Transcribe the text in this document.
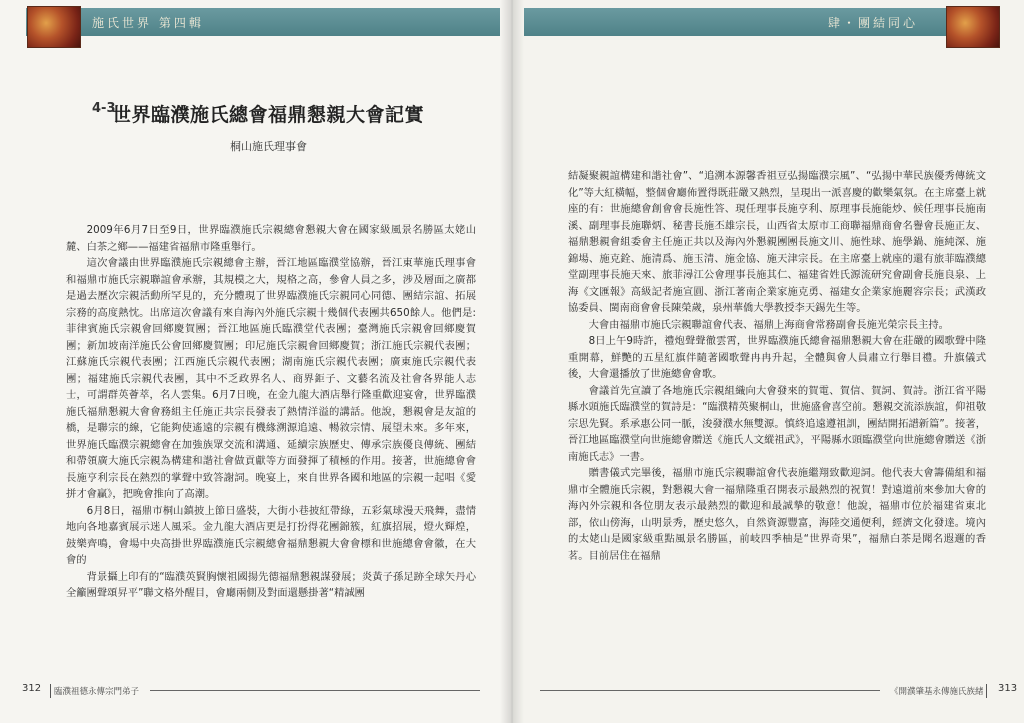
施氏世界 第四輯
4-3
世界臨濮施氏總會福鼎懇親大會記實
桐山施氏理事會

2009年6月7日至9日，世界臨濮施氏宗親總會懇親大會在國家級風景名勝區太姥山麓、白茶之鄉——福建省福鼎市隆重舉行。

這次會議由世界臨濮施氏宗親總會主辦，晉江地區臨濮堂協辦，晉江東華施氏理事會和福鼎市施氏宗親聯誼會承辦，其規模之大，規格之高，參會人員之多，涉及層面之廣都是過去歷次宗親活動所罕見的，充分體現了世界臨濮施氏宗親同心同德、團結宗誼、拓展宗務的高度熱忱。出席這次會議有來自海內外施氏宗親十幾個代表團共650餘人。他們是:菲律賓施氏宗親會回鄉慶賀團；晉江地區施氏臨濮堂代表團；臺灣施氏宗親會回鄉慶賀團；新加坡南洋施氏公會回鄉慶賀團；印尼施氏宗親會回鄉慶賀；浙江施氏宗親代表團；江蘇施氏宗親代表團；江西施氏宗親代表團；湖南施氏宗親代表團；廣東施氏宗親代表團；福建施氏宗親代表團，其中不乏政界名人、商界鉅子、文藝名流及社會各界能人志士，可謂群英薈萃，名人雲集。6月7日晚，在金九龍大酒店舉行隆重歡迎宴會，世界臨濮施氏福鼎懇親大會會務組主任施正共宗長發表了熱情洋溢的講話。他說，懇親會是友誼的橋，是聯宗的線，它能夠使遙遠的宗親有機緣溯源追遠、暢敘宗情、展望未來。多年來，世界施氏臨濮宗親總會在加強族眾交流和溝通、延續宗族歷史、傳承宗族優良傳統、團結和帶領廣大施氏宗親為構建和諧社會做貢獻等方面發揮了積極的作用。接著，世施總會會長施亨利宗長在熱烈的掌聲中致答謝詞。晚宴上，來自世界各國和地區的宗親一起唱《愛拼才會贏》，把晚會推向了高潮。

6月8日，福鼎市桐山鎮披上節日盛裝，大街小巷披紅帶綠，五彩氣球漫天飛舞，盡情地向各地嘉賓展示迷人風采。金九龍大酒店更是打扮得花團錦簇，紅旗招展，燈火輝煌，鼓樂齊鳴，會場中央高掛世界臨濮施氏宗親總會福鼎懇親大會會標和世施總會會徽，在大會的

背景攝上印有的“臨濮英賢胸懷祖國揚先德福鼎懇親謀發展；炎黃子孫足跡全球矢丹心全籲團聲頌昇平”聯文格外醒目，會廳兩側及對面還懸掛著“精誠團

312 臨濮祖德永傳宗門弟子
肆・團結同心

結凝聚親誼構建和諧社會”、“追溯本源馨香祖豆弘揚臨濮宗風”、“弘揚中華民族優秀傳統文化”等大紅橫幅，整個會廳佈置得既莊嚴又熱烈，呈現出一派喜慶的歡樂氣氛。在主席臺上就座的有：世施總會創會會長施性答、現任理事長施亨利、原理事長施能炒、候任理事長施南溪、副理事長施聯炳、秘書長施丕雄宗長，山西省太原市工商聯福鼎商會名譽會長施正友、福鼎懇親會組委會主任施正共以及海內外懇親團團長施文川、施性球、施學鍋、施純深、施錦場、施克銓、施清爲、施玉清、施金協、施天津宗長。在主席臺上就座的還有旅菲臨濮總堂副理事長施天來、旅菲潯江公會理事長施其仁、福建省姓氏源流研究會副會長施良泉、上海《文匯報》高級記者施宣圓、浙江著南企業家施克勇、福建女企業家施麗容宗長；武漢政協委員、閩南商會會長陳榮歲，泉州華僑大學教授李天錫先生等。

大會由福鼎市施氏宗親聯誼會代表、福鼎上海商會常務副會長施光榮宗長主持。

8日上午9時許，禮炮聲聲徹雲霄，世界臨濮施氏總會福鼎懇親大會在莊嚴的國歌聲中隆重開幕，鮮艷的五星紅旗伴隨著國歌聲冉冉升起，全體與會人員肅立行舉目禮。升旗儀式後，大會還播放了世施總會會歌。

會議首先宣讀了各地施氏宗親組織向大會發來的賀電、賀信、賀詞、賀詩。浙江省平陽縣水頭施氏臨濮堂的賀詩是：“臨濮精英聚桐山，世施盛會喜空前。懇親交流添族誼，仰祖敬宗思先賢。系承惠公同一脈，浚發濮水無雙源。慎終追遠遵祖訓，團結開拓譜新篇”。接著，晉江地區臨濮堂向世施總會贈送《施氏人文縱祖武》，平陽縣水頭臨濮堂向世施總會贈送《浙南施氏志》一書。

贈書儀式完畢後，福鼎市施氏宗親聯誼會代表施繼翔致歡迎詞。他代表大會籌備組和福鼎市全體施氏宗親，對懇親大會一福鼎隆重召開表示最熱烈的祝賀！對遠道前來參加大會的海內外宗親和各位朋友表示最熱烈的歡迎和最誠摯的敬意！他說，福鼎市位於福建省東北部，依山傍海，山明景秀，歷史悠久，自然資源豐富，海陸交通便利，經濟文化發達。境內的太姥山是國家級重點風景名勝區，前岐四季柚是“世界奇果”，福鼎白茶是聞名遐邇的香茗。目前居住在福鼎

《開濮肇基永傳施氏族緒 313
